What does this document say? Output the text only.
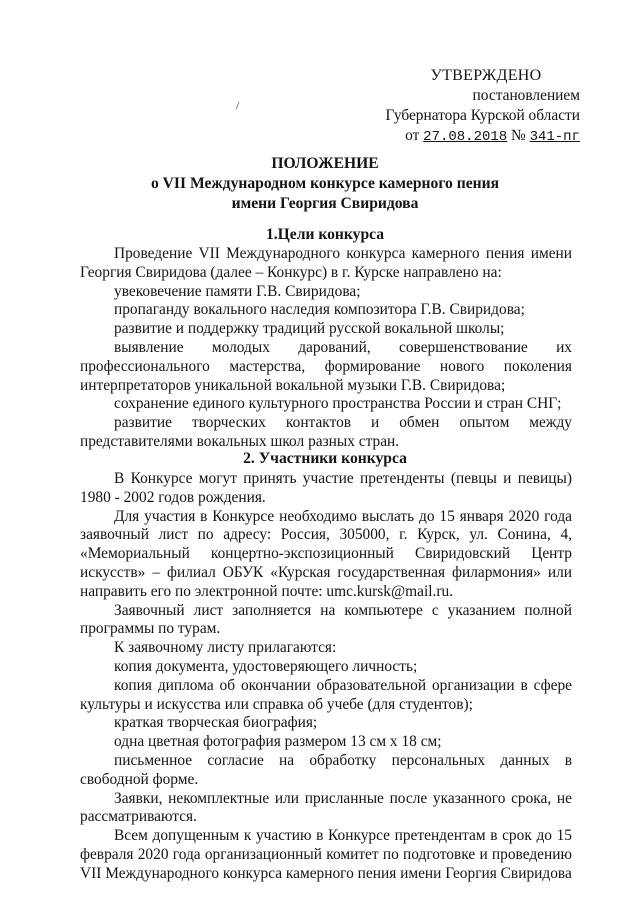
УТВЕРЖДЕНО
постановлением
Губернатора Курской области
от 27.08.2018 № 341-пг
/
ПОЛОЖЕНИЕ
о VII Международном конкурсе камерного пения
имени Георгия Свиридова
1.Цели конкурса

Проведение VII Международного конкурса камерного пения имени Георгия Свиридова (далее – Конкурс) в г. Курске направлено на:

увековечение памяти Г.В. Свиридова;

пропаганду вокального наследия композитора Г.В. Свиридова;

развитие и поддержку традиций русской вокальной школы;

выявление молодых дарований, совершенствование их профессионального мастерства, формирование нового поколения интерпретаторов уникальной вокальной музыки Г.В. Свиридова;

сохранение единого культурного пространства России и стран СНГ;

развитие творческих контактов и обмен опытом между представителями вокальных школ разных стран.

2. Участники конкурса

В Конкурсе могут принять участие претенденты (певцы и певицы) 1980 - 2002 годов рождения.

Для участия в Конкурсе необходимо выслать до 15 января 2020 года заявочный лист по адресу: Россия, 305000, г. Курск, ул. Сонина, 4, «Мемориальный концертно-экспозиционный Свиридовский Центр искусств» – филиал ОБУК «Курская государственная филармония» или направить его по электронной почте: umc.kursk@mail.ru.

Заявочный лист заполняется на компьютере с указанием полной программы по турам.

К заявочному листу прилагаются:

копия документа, удостоверяющего личность;

копия диплома об окончании образовательной организации в сфере культуры и искусства или справка об учебе (для студентов);

краткая творческая биография;

одна цветная фотография размером 13 см х 18 см;

письменное согласие на обработку персональных данных в свободной форме.

Заявки, некомплектные или присланные после указанного срока, не рассматриваются.

Всем допущенным к участию в Конкурсе претендентам в срок до 15 февраля 2020 года организационный комитет по подготовке и проведению VII Международного конкурса камерного пения имени Георгия Свиридова
